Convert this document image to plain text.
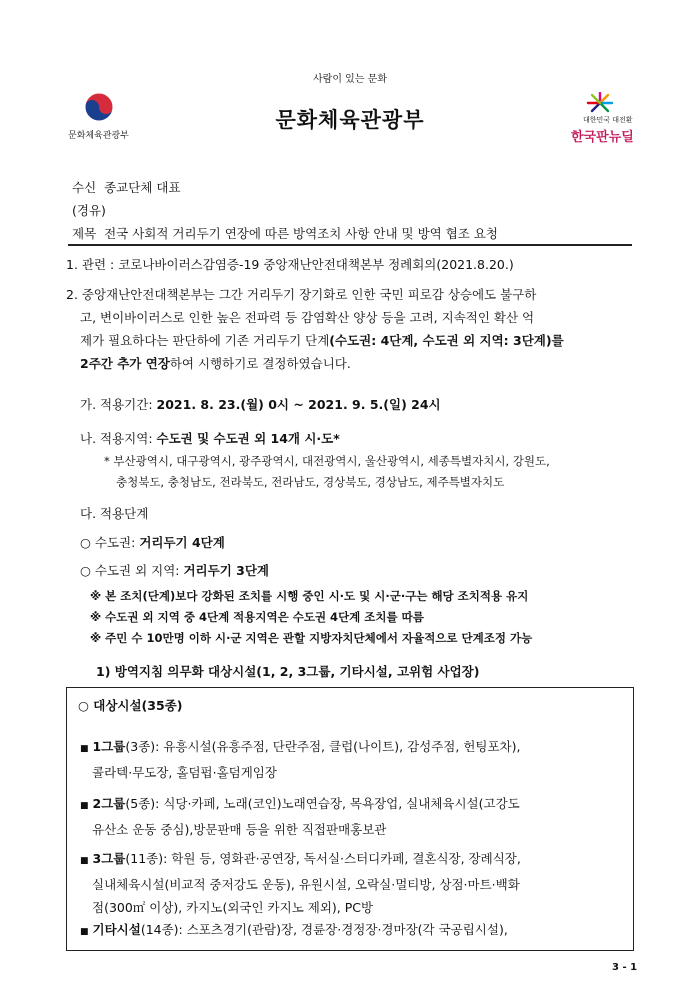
사람이 있는 문화
문화체육관광부
문화체육관광부	대한민국 대전환
한국판뉴딜
수신 종교단체 대표
(경유)
제목 전국 사회적 거리두기 연장에 따른 방역조치 사항 안내 및 방역 협조 요청
1. 관련 : 코로나바이러스감염증-19 중앙재난안전대책본부 정례회의(2021.8.20.)
2. 중앙재난안전대책본부는 그간 거리두기 장기화로 인한 국민 피로감 상승에도 불구하
고, 변이바이러스로 인한 높은 전파력 등 감염확산 양상 등을 고려, 지속적인 확산 억
제가 필요하다는 판단하에 기존 거리두기 단계(수도권: 4단계, 수도권 외 지역: 3단계)를
2주간 추가 연장하여 시행하기로 결정하였습니다.
가. 적용기간: 2021. 8. 23.(월) 0시 ~ 2021. 9. 5.(일) 24시
나. 적용지역: 수도권 및 수도권 외 14개 시·도*
* 부산광역시, 대구광역시, 광주광역시, 대전광역시, 울산광역시, 세종특별자치시, 강원도,
충청북도, 충청남도, 전라북도, 전라남도, 경상북도, 경상남도, 제주특별자치도
다. 적용단계
○ 수도권: 거리두기 4단계
○ 수도권 외 지역: 거리두기 3단계
※ 본 조치(단계)보다 강화된 조치를 시행 중인 시·도 및 시·군·구는 해당 조치적용 유지
※ 수도권 외 지역 중 4단계 적용지역은 수도권 4단계 조치를 따름
※ 주민 수 10만명 이하 시·군 지역은 관할 지방자치단체에서 자율적으로 단계조정 가능
1) 방역지침 의무화 대상시설(1, 2, 3그룹, 기타시설, 고위험 사업장)
○ 대상시설(35종)
■ 1그룹(3종): 유흥시설(유흥주점, 단란주점, 클럽(나이트), 감성주점, 헌팅포차),
콜라텍·무도장, 홀덤펍·홀덤게임장
■ 2그룹(5종): 식당·카페, 노래(코인)노래연습장, 목욕장업, 실내체육시설(고강도
유산소 운동 중심),방문판매 등을 위한 직접판매홍보관
■ 3그룹(11종): 학원 등, 영화관·공연장, 독서실·스터디카페, 결혼식장, 장례식장,
실내체육시설(비교적 중저강도 운동), 유원시설, 오락실·멀티방, 상점·마트·백화
점(300㎡ 이상), 카지노(외국인 카지노 제외), PC방
■ 기타시설(14종): 스포츠경기(관람)장, 경륜장·경정장·경마장(각 국공립시설),
3 - 1
